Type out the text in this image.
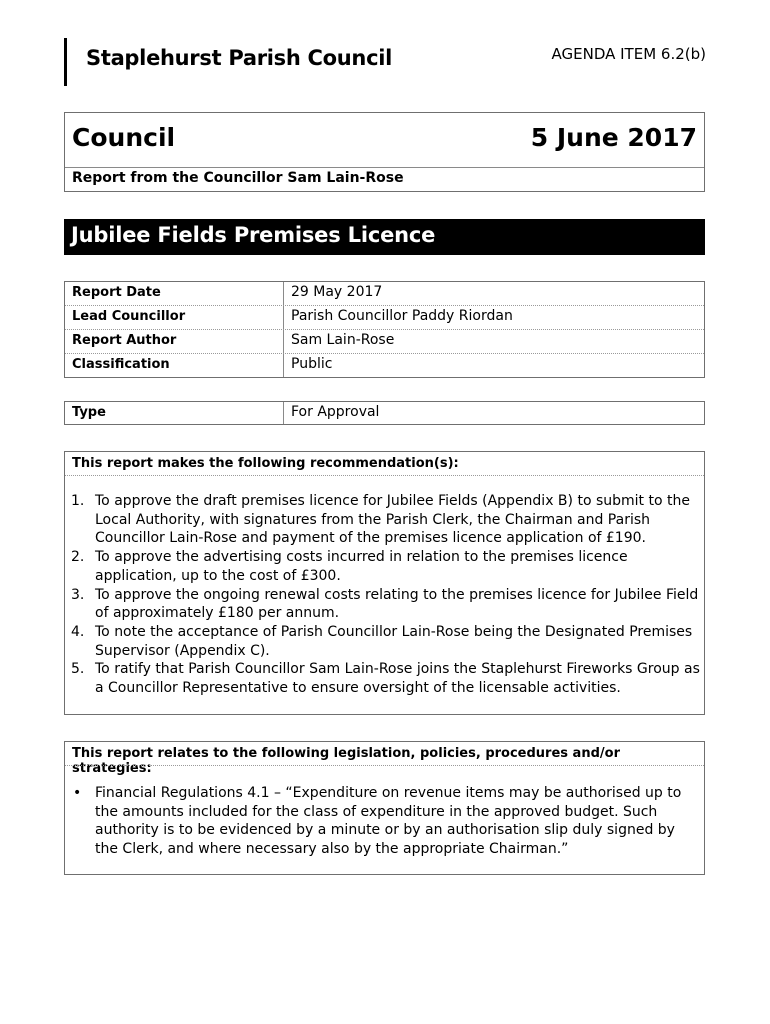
Staplehurst Parish Council	AGENDA ITEM 6.2(b)
Council	5 June 2017
Report from the Councillor Sam Lain-Rose
Jubilee Fields Premises Licence
Report Date	29 May 2017
Lead Councillor	Parish Councillor Paddy Riordan
Report Author	Sam Lain-Rose
Classification	Public
Type	For Approval
This report makes the following recommendation(s):
1. To approve the draft premises licence for Jubilee Fields (Appendix B) to submit to the Local Authority, with signatures from the Parish Clerk, the Chairman and Parish Councillor Lain-Rose and payment of the premises licence application of £190.
2. To approve the advertising costs incurred in relation to the premises licence application, up to the cost of £300.
3. To approve the ongoing renewal costs relating to the premises licence for Jubilee Field of approximately £180 per annum.
4. To note the acceptance of Parish Councillor Lain-Rose being the Designated Premises Supervisor (Appendix C).
5. To ratify that Parish Councillor Sam Lain-Rose joins the Staplehurst Fireworks Group as a Councillor Representative to ensure oversight of the licensable activities.
This report relates to the following legislation, policies, procedures and/or strategies:
• Financial Regulations 4.1 – “Expenditure on revenue items may be authorised up to the amounts included for the class of expenditure in the approved budget. Such authority is to be evidenced by a minute or by an authorisation slip duly signed by the Clerk, and where necessary also by the appropriate Chairman.”
